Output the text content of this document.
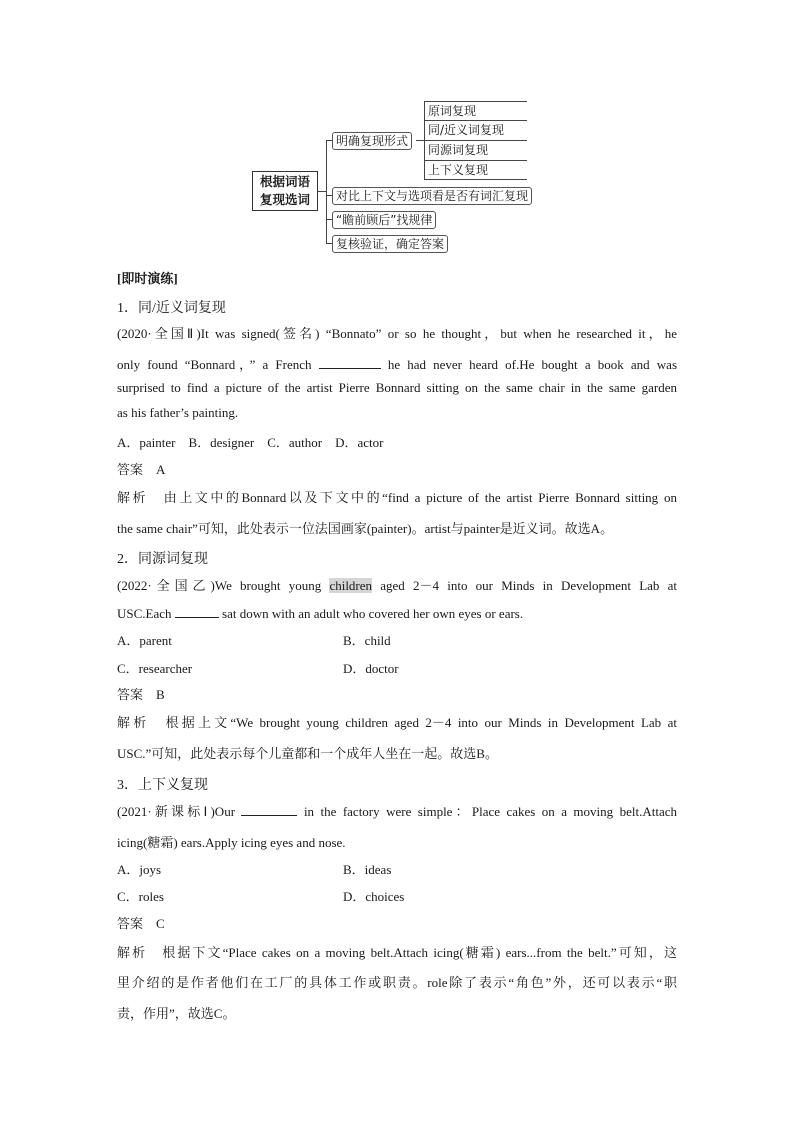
根据词语
复现选词
明确复现形式
对比上下文与选项看是否有词汇复现
“瞻前顾后”找规律
复核验证，确定答案
原词复现
同/近义词复现
同源词复现
上下义复现
[即时演练]
1．同/近义词复现
(2020·全国Ⅱ)It was signed(签名) “Bonnato” or so he thought，but when he researched it，he
only found “Bonnard，” a French	he had never heard of.He bought a book and was
surprised to find a picture of the artist Pierre Bonnard sitting on the same chair in the same garden
as his father’s painting.
A．painter　B．designer　C．author　D．actor
答案　A
解析　由上文中的Bonnard以及下文中的“find a picture of the artist Pierre Bonnard sitting on
the same chair”可知，此处表示一位法国画家(painter)。artist与painter是近义词。故选A。
2．同源词复现
(2022·全国乙)We brought young children aged 2－4 into our Minds in Development Lab at
USC.Each	sat down with an adult who covered her own eyes or ears.
A．parent	B．child
C．researcher	D．doctor
答案　B
解析　根据上文“We brought young children aged 2－4 into our Minds in Development Lab at
USC.”可知，此处表示每个儿童都和一个成年人坐在一起。故选B。
3．上下义复现
(2021·新课标Ⅰ)Our	in the factory were simple：Place cakes on a moving belt.Attach
icing(糖霜) ears.Apply icing eyes and nose.
A．joys	B．ideas
C．roles	D．choices
答案　C
解析　根据下文“Place cakes on a moving belt.Attach icing(糖霜) ears...from the belt.”可知，这
里介绍的是作者他们在工厂的具体工作或职责。role除了表示“角色”外，还可以表示“职
责，作用”，故选C。
